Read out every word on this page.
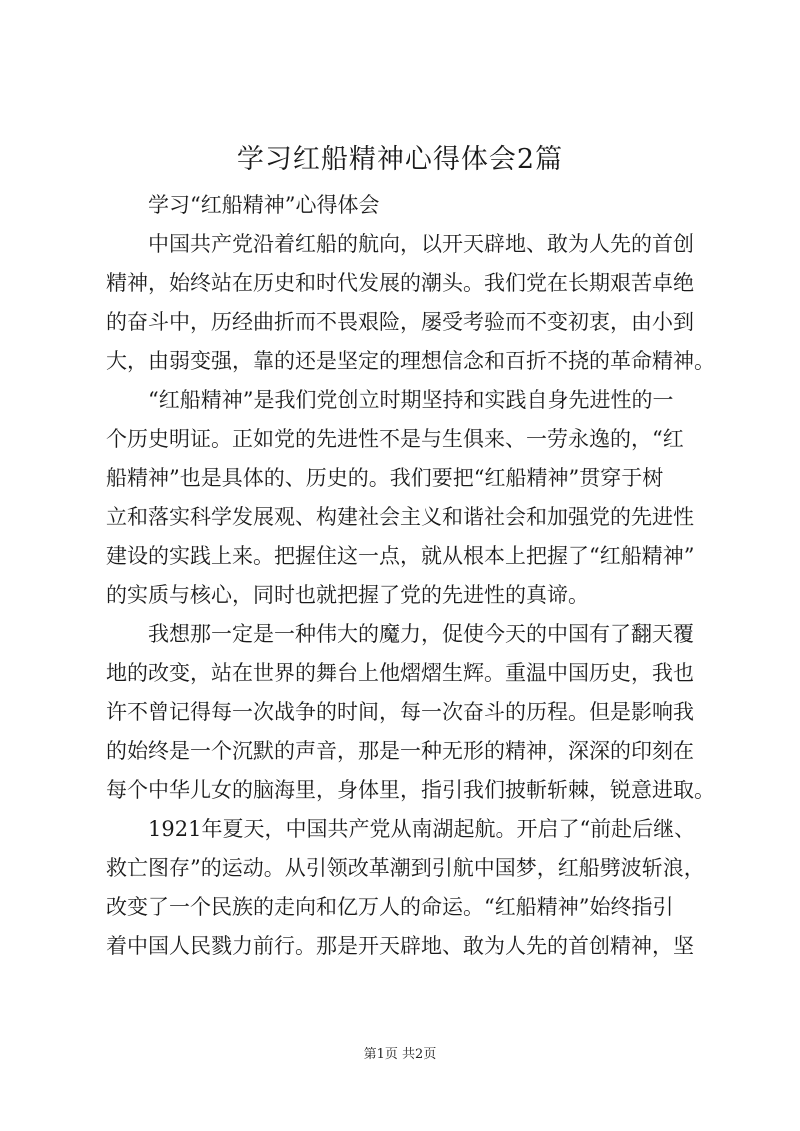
学习红船精神心得体会2篇

学习“红船精神”心得体会

中国共产党沿着红船的航向，以开天辟地、敢为人先的首创
精神，始终站在历史和时代发展的潮头。我们党在长期艰苦卓绝
的奋斗中，历经曲折而不畏艰险，屡受考验而不变初衷，由小到
大，由弱变强，靠的还是坚定的理想信念和百折不挠的革命精神。

“红船精神”是我们党创立时期坚持和实践自身先进性的一
个历史明证。正如党的先进性不是与生俱来、一劳永逸的，“红
船精神”也是具体的、历史的。我们要把“红船精神”贯穿于树
立和落实科学发展观、构建社会主义和谐社会和加强党的先进性
建设的实践上来。把握住这一点，就从根本上把握了“红船精神”
的实质与核心，同时也就把握了党的先进性的真谛。

我想那一定是一种伟大的魔力，促使今天的中国有了翻天覆
地的改变，站在世界的舞台上他熠熠生辉。重温中国历史，我也
许不曾记得每一次战争的时间，每一次奋斗的历程。但是影响我
的始终是一个沉默的声音，那是一种无形的精神，深深的印刻在
每个中华儿女的脑海里，身体里，指引我们披斬斩棘，锐意进取。

1921年夏天，中国共产党从南湖起航。开启了“前赴后继、
救亡图存”的运动。从引领改革潮到引航中国梦，红船劈波斩浪，
改变了一个民族的走向和亿万人的命运。“红船精神”始终指引
着中国人民戮力前行。那是开天辟地、敢为人先的首创精神，坚

第1页 共2页
